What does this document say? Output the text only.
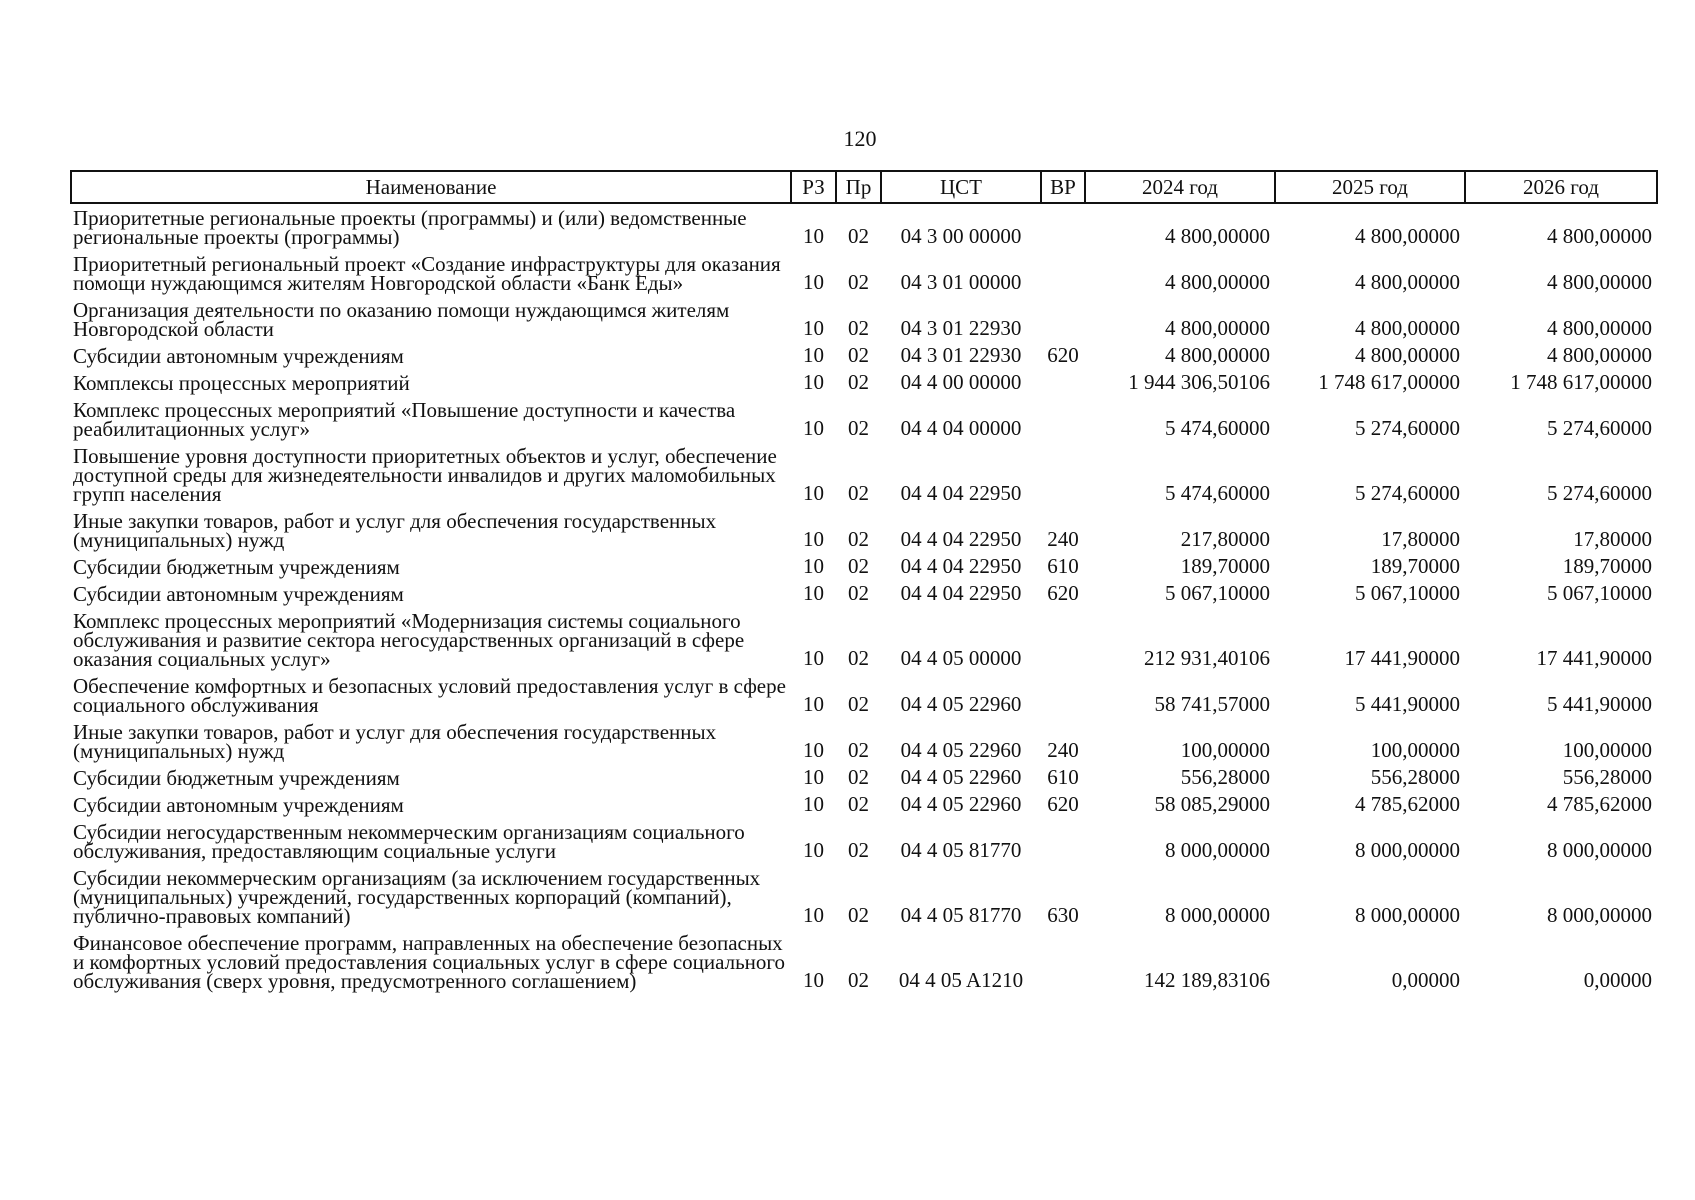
120
Наименование	РЗ	Пр	ЦСТ	ВР	2024 год	2025 год	2026 год
Приоритетные региональные проекты (программы) и (или) ведомственные региональные проекты (программы)	10	02	04 3 00 00000		4 800,00000	4 800,00000	4 800,00000
Приоритетный региональный проект «Создание инфраструктуры для оказания помощи нуждающимся жителям Новгородской области «Банк Еды»	10	02	04 3 01 00000		4 800,00000	4 800,00000	4 800,00000
Организация деятельности по оказанию помощи нуждающимся жителям Новгородской области	10	02	04 3 01 22930		4 800,00000	4 800,00000	4 800,00000
Субсидии автономным учреждениям	10	02	04 3 01 22930	620	4 800,00000	4 800,00000	4 800,00000
Комплексы процессных мероприятий	10	02	04 4 00 00000		1 944 306,50106	1 748 617,00000	1 748 617,00000
Комплекс процессных мероприятий «Повышение доступности и качества реабилитационных услуг»	10	02	04 4 04 00000		5 474,60000	5 274,60000	5 274,60000
Повышение уровня доступности приоритетных объектов и услуг, обеспечение доступной среды для жизнедеятельности инвалидов и других маломобильных групп населения	10	02	04 4 04 22950		5 474,60000	5 274,60000	5 274,60000
Иные закупки товаров, работ и услуг для обеспечения государственных (муниципальных) нужд	10	02	04 4 04 22950	240	217,80000	17,80000	17,80000
Субсидии бюджетным учреждениям	10	02	04 4 04 22950	610	189,70000	189,70000	189,70000
Субсидии автономным учреждениям	10	02	04 4 04 22950	620	5 067,10000	5 067,10000	5 067,10000
Комплекс процессных мероприятий «Модернизация системы социального обслуживания и развитие сектора негосударственных организаций в сфере оказания социальных услуг»	10	02	04 4 05 00000		212 931,40106	17 441,90000	17 441,90000
Обеспечение комфортных и безопасных условий предоставления услуг в сфере социального обслуживания	10	02	04 4 05 22960		58 741,57000	5 441,90000	5 441,90000
Иные закупки товаров, работ и услуг для обеспечения государственных (муниципальных) нужд	10	02	04 4 05 22960	240	100,00000	100,00000	100,00000
Субсидии бюджетным учреждениям	10	02	04 4 05 22960	610	556,28000	556,28000	556,28000
Субсидии автономным учреждениям	10	02	04 4 05 22960	620	58 085,29000	4 785,62000	4 785,62000
Субсидии негосударственным некоммерческим организациям социального обслуживания, предоставляющим социальные услуги	10	02	04 4 05 81770		8 000,00000	8 000,00000	8 000,00000
Субсидии некоммерческим организациям (за исключением государственных (муниципальных) учреждений, государственных корпораций (компаний), публично-правовых компаний)	10	02	04 4 05 81770	630	8 000,00000	8 000,00000	8 000,00000
Финансовое обеспечение программ, направленных на обеспечение безопасных и комфортных условий предоставления социальных услуг в сфере социального обслуживания (сверх уровня, предусмотренного соглашением)	10	02	04 4 05 A1210		142 189,83106	0,00000	0,00000
